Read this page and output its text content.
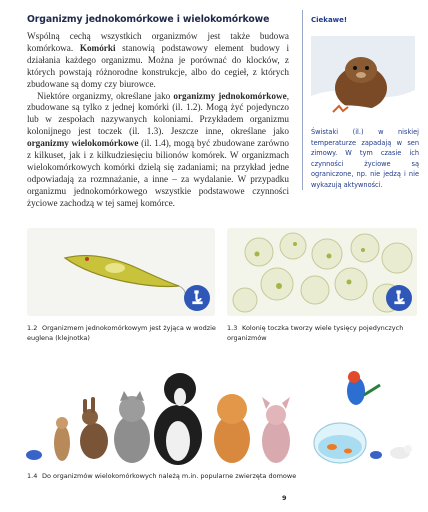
Organizmy jednokomórkowe i wielokomórkowe

Wspólną cechą wszystkich organizmów jest także budowa komórkowa. Komórki stanowią podstawowy element budowy i działania każdego organizmu. Można je porównać do klocków, z których powstają różnorodne konstrukcje, albo do cegieł, z których zbudowane są domy czy biurowce.

Niektóre organizmy, określane jako organizmy jednokomórkowe, zbudowane są tylko z jednej komórki (il. 1.2). Mogą żyć pojedynczo lub w zespołach nazywanych koloniami. Przykładem organizmu kolonijnego jest toczek (il. 1.3). Jeszcze inne, określane jako organizmy wielokomórkowe (il. 1.4), mogą być zbudowane zarówno z kilkuset, jak i z kilkudziesięciu bilionów komórek. W organizmach wielokomórkowych komórki dzielą się zadaniami; na przykład jedne odpowiadają za rozmnażanie, a inne – za wydalanie. W przypadku organizmu jednokomórkowego wszystkie podstawowe czynności życiowe zachodzą w tej samej komórce.

Ciekawe!
Świstaki (il.) w niskiej temperaturze zapadają w sen zimowy. W tym czasie ich czynności życiowe są ograniczone, np. nie jedzą i nie wykazują aktywności.
1.2 Organizmem jednokomórkowym jest żyjąca w wodzie euglena (klejnotka)
1.3 Kolonię toczka tworzy wiele tysięcy pojedynczych organizmów
1.4 Do organizmów wielokomórkowych należą m.in. popularne zwierzęta domowe
9
